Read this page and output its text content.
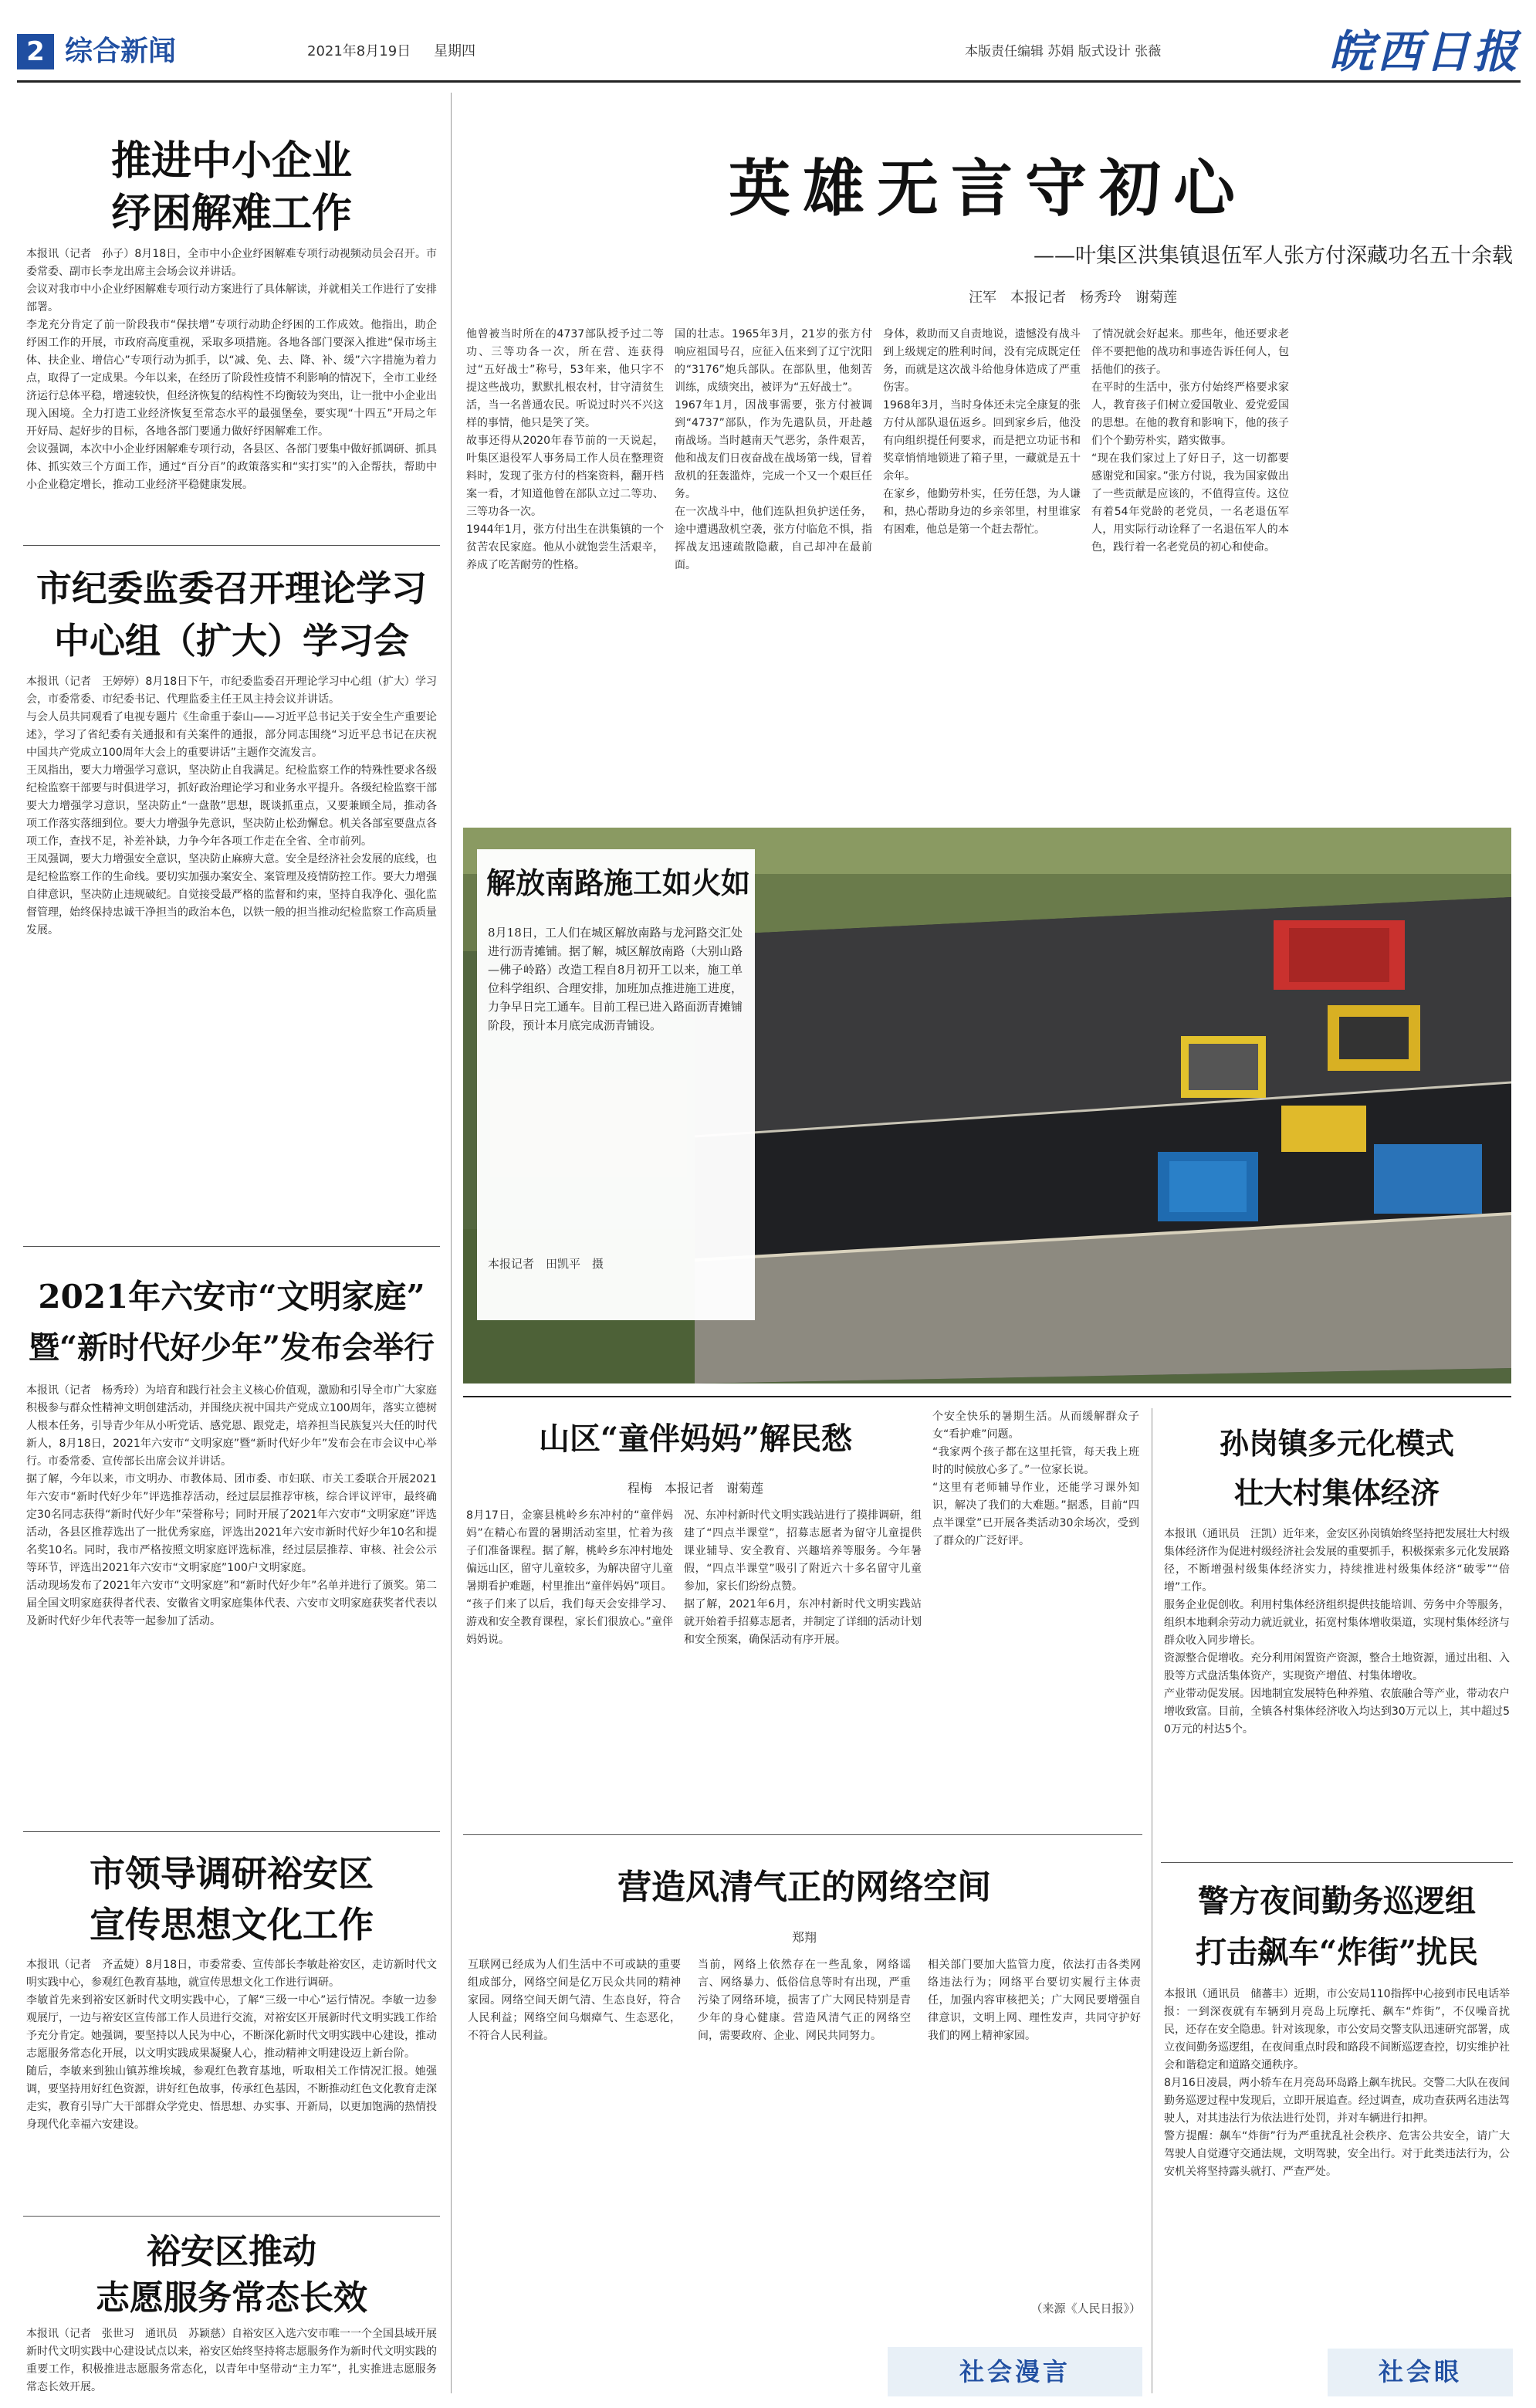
2 综合新闻	2021年8月19日	星期四	本版责任编辑 苏娟 版式设计 张薇	皖西日报
推进中小企业
纾困解难工作
本报讯（记者　孙子）8月18日，全市中小企业纾困解难专项行动视频动员会召开。市委常委、副市长李龙出席主会场会议并讲话。
会议对我市中小企业纾困解难专项行动方案进行了具体解读，并就相关工作进行了安排部署。
李龙充分肯定了前一阶段我市“保扶增”专项行动助企纾困的工作成效。他指出，助企纾困工作的开展，市政府高度重视，采取多项措施。各地各部门要深入推进“保市场主体、扶企业、增信心”专项行动为抓手，以“减、免、去、降、补、缓”六字措施为着力点，取得了一定成果。今年以来，在经历了阶段性疫情不利影响的情况下，全市工业经济运行总体平稳，增速较快，但经济恢复的结构性不均衡较为突出，让一批中小企业出现入困境。全力打造工业经济恢复至常态水平的最强堡垒，要实现“十四五”开局之年开好局、起好步的目标，各地各部门要通力做好纾困解难工作。
会议强调，本次中小企业纾困解难专项行动，各县区、各部门要集中做好抓调研、抓具体、抓实效三个方面工作，通过“百分百”的政策落实和“实打实”的入企帮扶，帮助中小企业稳定增长，推动工业经济平稳健康发展。
市纪委监委召开理论学习
中心组（扩大）学习会
本报讯（记者　王婷婷）8月18日下午，市纪委监委召开理论学习中心组（扩大）学习会，市委常委、市纪委书记、代理监委主任王凤主持会议并讲话。
与会人员共同观看了电视专题片《生命重于泰山——习近平总书记关于安全生产重要论述》，学习了省纪委有关通报和有关案件的通报，部分同志围绕“习近平总书记在庆祝中国共产党成立100周年大会上的重要讲话”主题作交流发言。
王凤指出，要大力增强学习意识，坚决防止自我满足。纪检监察工作的特殊性要求各级纪检监察干部要与时俱进学习，抓好政治理论学习和业务水平提升。各级纪检监察干部要大力增强学习意识，坚决防止“一盘散”思想，既谈抓重点，又要兼顾全局，推动各项工作落实落细到位。要大力增强争先意识，坚决防止松劲懈怠。机关各部室要盘点各项工作，查找不足，补差补缺，力争今年各项工作走在全省、全市前列。
王凤强调，要大力增强安全意识，坚决防止麻痹大意。安全是经济社会发展的底线，也是纪检监察工作的生命线。要切实加强办案安全、案管理及疫情防控工作。要大力增强自律意识，坚决防止违规破纪。自觉接受最严格的监督和约束，坚持自我净化、强化监督管理，始终保持忠诚干净担当的政治本色，以铁一般的担当推动纪检监察工作高质量发展。
2021年六安市“文明家庭”
暨“新时代好少年”发布会举行
本报讯（记者　杨秀玲）为培育和践行社会主义核心价值观，激励和引导全市广大家庭积极参与群众性精神文明创建活动，并围绕庆祝中国共产党成立100周年，落实立德树人根本任务，引导青少年从小听党话、感党恩、跟党走，培养担当民族复兴大任的时代新人，8月18日，2021年六安市“文明家庭”暨“新时代好少年”发布会在市会议中心举行。市委常委、宣传部长出席会议并讲话。
据了解，今年以来，市文明办、市教体局、团市委、市妇联、市关工委联合开展2021年六安市“新时代好少年”评选推荐活动，经过层层推荐审核，综合评议评审，最终确定30名同志获得“新时代好少年”荣誉称号；同时开展了2021年六安市“文明家庭”评选活动，各县区推荐选出了一批优秀家庭，评选出2021年六安市新时代好少年10名和提名奖10名。同时，我市严格按照文明家庭评选标准，经过层层推荐、审核、社会公示等环节，评选出2021年六安市“文明家庭”100户文明家庭。
活动现场发布了2021年六安市“文明家庭”和“新时代好少年”名单并进行了颁奖。第二届全国文明家庭获得者代表、安徽省文明家庭集体代表、六安市文明家庭获奖者代表以及新时代好少年代表等一起参加了活动。
市领导调研裕安区
宣传思想文化工作
本报讯（记者　齐孟婕）8月18日，市委常委、宣传部长李敏赴裕安区，走访新时代文明实践中心，参观红色教育基地，就宣传思想文化工作进行调研。
李敏首先来到裕安区新时代文明实践中心，了解“三级一中心”运行情况。李敏一边参观展厅，一边与裕安区宣传部工作人员进行交流，对裕安区开展新时代文明实践工作给予充分肯定。她强调，要坚持以人民为中心，不断深化新时代文明实践中心建设，推动志愿服务常态化开展，以文明实践成果凝聚人心，推动精神文明建设迈上新台阶。
随后，李敏来到独山镇苏维埃城，参观红色教育基地，听取相关工作情况汇报。她强调，要坚持用好红色资源，讲好红色故事，传承红色基因，不断推动红色文化教育走深走实，教育引导广大干部群众学党史、悟思想、办实事、开新局，以更加饱满的热情投身现代化幸福六安建设。
裕安区推动
志愿服务常态长效
本报讯（记者　张世习　通讯员　苏颖慈）自裕安区入选六安市唯一一个全国县域开展新时代文明实践中心建设试点以来，裕安区始终坚持将志愿服务作为新时代文明实践的重要工作，积极推进志愿服务常态化，以青年中坚带动“主力军”，扎实推进志愿服务常态长效开展。

英雄无言守初心
——叶集区洪集镇退伍军人张方付深藏功名五十余载
汪军　本报记者　杨秀玲　谢菊莲
他曾被当时所在的4737部队授予过二等功、三等功各一次，所在营、连获得过“五好战士”称号，53年来，他只字不提这些战功，默默扎根农村，甘守清贫生活，当一名普通农民。听说过时兴不兴这样的事情，他只是笑了笑。
故事还得从2020年春节前的一天说起，叶集区退役军人事务局工作人员在整理资料时，发现了张方付的档案资料，翻开档案一看，才知道他曾在部队立过二等功、三等功各一次。
1944年1月，张方付出生在洪集镇的一个贫苦农民家庭。他从小就饱尝生活艰辛，养成了吃苦耐劳的性格。
国的壮志。1965年3月，21岁的张方付响应祖国号召，应征入伍来到了辽宁沈阳的“3176”炮兵部队。在部队里，他刻苦训练，成绩突出，被评为“五好战士”。
1967年1月，因战事需要，张方付被调到“4737”部队，作为先遣队员，开赴越南战场。当时越南天气恶劣，条件艰苦，他和战友们日夜奋战在战场第一线，冒着敌机的狂轰滥炸，完成一个又一个艰巨任务。
在一次战斗中，他们连队担负护送任务，途中遭遇敌机空袭，张方付临危不惧，指挥战友迅速疏散隐蔽，自己却冲在最前面。
身体，救助而又自责地说，遗憾没有战斗到上级规定的胜利时间，没有完成既定任务，而就是这次战斗给他身体造成了严重伤害。
1968年3月，当时身体还未完全康复的张方付从部队退伍返乡。回到家乡后，他没有向组织提任何要求，而是把立功证书和奖章悄悄地锁进了箱子里，一藏就是五十余年。
在家乡，他勤劳朴实，任劳任怨，为人谦和，热心帮助身边的乡亲邻里，村里谁家有困难，他总是第一个赶去帮忙。
了情况就会好起来。那些年，他还要求老伴不要把他的战功和事迹告诉任何人，包括他们的孩子。
在平时的生活中，张方付始终严格要求家人，教育孩子们树立爱国敬业、爱党爱国的思想。在他的教育和影响下，他的孩子们个个勤劳朴实，踏实做事。
“现在我们家过上了好日子，这一切都要感谢党和国家。”张方付说，我为国家做出了一些贡献是应该的，不值得宣传。这位有着54年党龄的老党员，一名老退伍军人，用实际行动诠释了一名退伍军人的本色，践行着一名老党员的初心和使命。
解放南路施工如火如
8月18日，工人们在城区解放南路与龙河路交汇处进行沥青摊铺。据了解，城区解放南路（大别山路—佛子岭路）改造工程自8月初开工以来，施工单位科学组织、合理安排，加班加点推进施工进度，力争早日完工通车。目前工程已进入路面沥青摊铺阶段，预计本月底完成沥青铺设。
本报记者　田凯平　摄
山区“童伴妈妈”解民愁
程梅　本报记者　谢菊莲
8月17日，金寨县桃岭乡东冲村的“童伴妈妈”在精心布置的暑期活动室里，忙着为孩子们准备课程。据了解，桃岭乡东冲村地处偏远山区，留守儿童较多，为解决留守儿童暑期看护难题，村里推出“童伴妈妈”项目。
“孩子们来了以后，我们每天会安排学习、游戏和安全教育课程，家长们很放心。”童伴妈妈说。
况、东冲村新时代文明实践站进行了摸排调研，组建了“四点半课堂”，招募志愿者为留守儿童提供课业辅导、安全教育、兴趣培养等服务。今年暑假，“四点半课堂”吸引了附近六十多名留守儿童参加，家长们纷纷点赞。
据了解，2021年6月，东冲村新时代文明实践站就开始着手招募志愿者，并制定了详细的活动计划和安全预案，确保活动有序开展。
个安全快乐的暑期生活。从而缓解群众子女“看护难”问题。
“我家两个孩子都在这里托管，每天我上班时的时候放心多了。”一位家长说。
“这里有老师辅导作业，还能学习课外知识，解决了我们的大难题。”据悉，目前“四点半课堂”已开展各类活动30余场次，受到了群众的广泛好评。
孙岗镇多元化模式
壮大村集体经济
本报讯（通讯员　汪凯）近年来，金安区孙岗镇始终坚持把发展壮大村级集体经济作为促进村级经济社会发展的重要抓手，积极探索多元化发展路径，不断增强村级集体经济实力，持续推进村级集体经济“破零”“倍增”工作。
服务企业促创收。利用村集体经济组织提供技能培训、劳务中介等服务，组织本地剩余劳动力就近就业，拓宽村集体增收渠道，实现村集体经济与群众收入同步增长。
资源整合促增收。充分利用闲置资产资源，整合土地资源，通过出租、入股等方式盘活集体资产，实现资产增值、村集体增收。
产业带动促发展。因地制宜发展特色种养殖、农旅融合等产业，带动农户增收致富。目前，全镇各村集体经济收入均达到30万元以上，其中超过50万元的村达5个。
营造风清气正的网络空间
郑翔
互联网已经成为人们生活中不可或缺的重要组成部分，网络空间是亿万民众共同的精神家园。网络空间天朗气清、生态良好，符合人民利益；网络空间乌烟瘴气、生态恶化，不符合人民利益。
当前，网络上依然存在一些乱象，网络谣言、网络暴力、低俗信息等时有出现，严重污染了网络环境，损害了广大网民特别是青少年的身心健康。营造风清气正的网络空间，需要政府、企业、网民共同努力。
相关部门要加大监管力度，依法打击各类网络违法行为；网络平台要切实履行主体责任，加强内容审核把关；广大网民要增强自律意识，文明上网、理性发声，共同守护好我们的网上精神家园。
（来源《人民日报》）
社会漫言
警方夜间勤务巡逻组
打击飙车“炸街”扰民
本报讯（通讯员　储蕃丰）近期，市公安局110指挥中心接到市民电话举报：一到深夜就有车辆到月亮岛上玩摩托、飙车“炸街”，不仅噪音扰民，还存在安全隐患。针对该现象，市公安局交警支队迅速研究部署，成立夜间勤务巡逻组，在夜间重点时段和路段不间断巡逻查控，切实维护社会和谐稳定和道路交通秩序。
8月16日凌晨，两小轿车在月亮岛环岛路上飙车扰民。交警二大队在夜间勤务巡逻过程中发现后，立即开展追查。经过调查，成功查获两名违法驾驶人，对其违法行为依法进行处罚，并对车辆进行扣押。
警方提醒：飙车“炸街”行为严重扰乱社会秩序、危害公共安全，请广大驾驶人自觉遵守交通法规，文明驾驶，安全出行。对于此类违法行为，公安机关将坚持露头就打、严查严处。
社会眼
